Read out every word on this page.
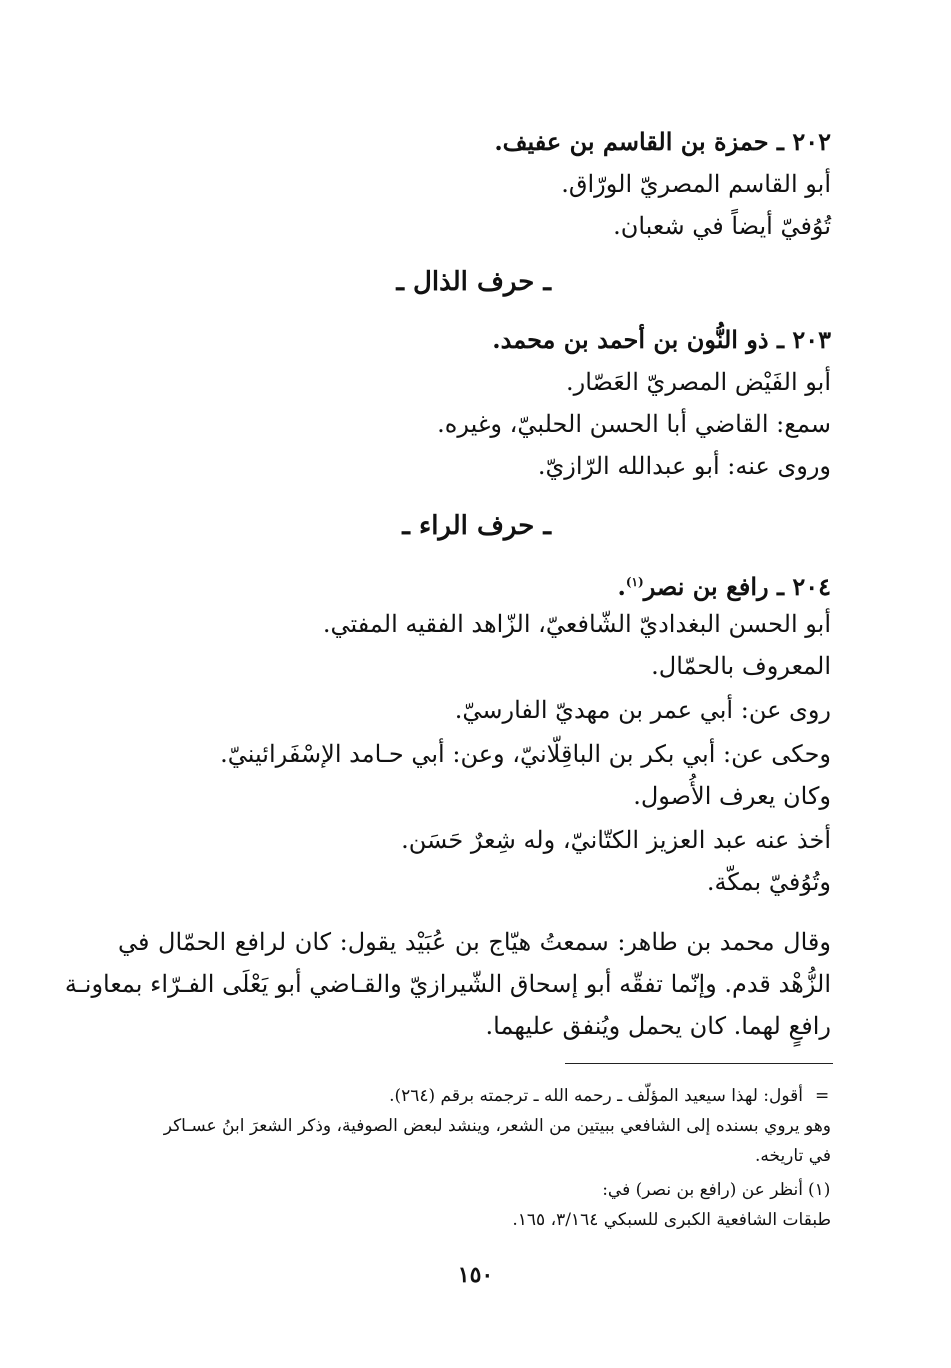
٢٠٢ ـ حمزة بن القاسم بن عفيف.
أبو القاسم المصريّ الورّاق.
تُوُفيّ أيضاً في شعبان.
ـ حرف الذال ـ
٢٠٣ ـ ذو النُّون بن أحمد بن محمد.
أبو الفَيْض المصريّ العَصّار.
سمع: القاضي أبا الحسن الحلبيّ، وغيره.
وروى عنه: أبو عبدالله الرّازيّ.
ـ حرف الراء ـ
٢٠٤ ـ رافع بن نصر$^{(١)}$.
أبو الحسن البغداديّ الشّافعيّ، الزّاهد الفقيه المفتي.
المعروف بالحمّال.
روى عن: أبي عمر بن مهديّ الفارسيّ.
وحكى عن: أبي بكر بن الباقِلّانيّ، وعن: أبي حـامد الإسْفَرائينيّ.
وكان يعرف الأُصول.
أخذ عنه عبد العزيز الكتّانيّ، وله شِعرٌ حَسَن.
وتُوُفيّ بمكّة.
وقال محمد بن طاهر: سمعتُ هيّاج بن عُبَيْد يقول: كان لرافع الحمّال في
الزُّهْد قدم. وإنّما تفقّه أبو إسحاق الشّيرازيّ والقـاضي أبو يَعْلَى الفـرّاء بمعاونـة
رافعٍ لهما. كان يحمل ويُنفق عليهما.
=
أقول: لهذا سيعيد المؤلّف ـ رحمه الله ـ ترجمته برقم (٢٦٤).
وهو يروي بسنده إلى الشافعي ببيتين من الشعر، وينشد لبعض الصوفية، وذكر الشعرَ ابنُ عسـاكر
في تاريخه.
(١)
أنظر عن (رافع بن نصر) في:
طبقات الشافعية الكبرى للسبكي ٣/١٦٤، ١٦٥.
١٥٠
